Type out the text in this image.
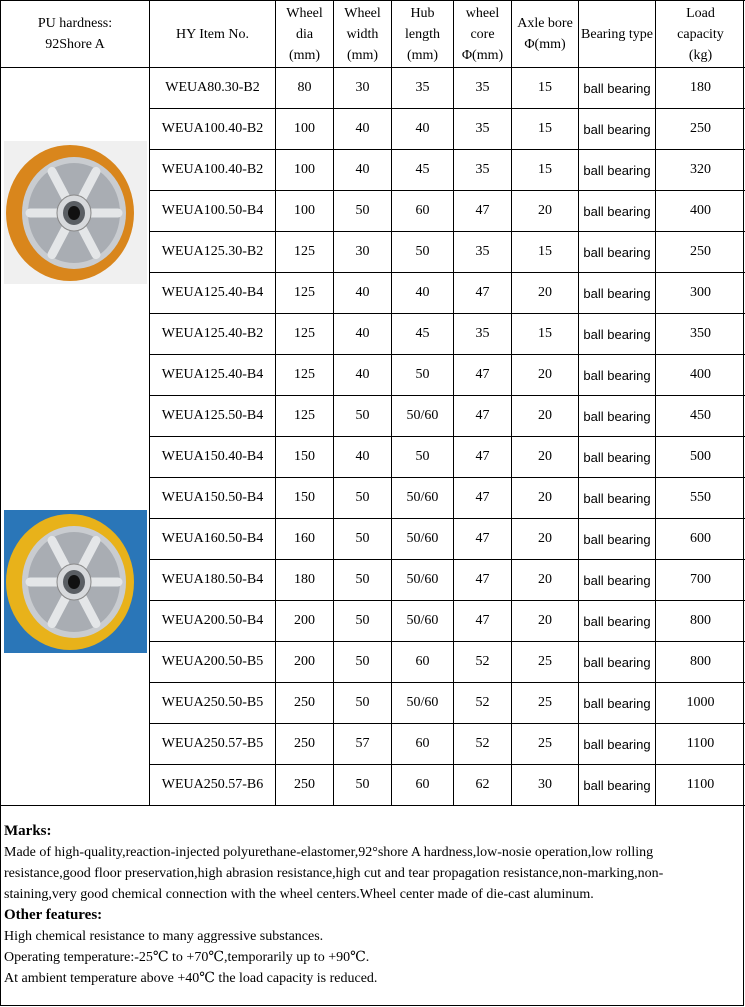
PU hardness:
92Shore A	HY Item No.	Wheel
dia
(mm)	Wheel
width
(mm)	Hub
length
(mm)	wheel
core
Φ(mm)	Axle bore
Φ(mm)	Bearing type	Load
capacity
(kg)

	WEUA80.30-B2	80	30	35	35	15	ball bearing	180
	WEUA100.40-B2	100	40	40	35	15	ball bearing	250
	WEUA100.40-B2	100	40	45	35	15	ball bearing	320
	WEUA100.50-B4	100	50	60	47	20	ball bearing	400
	WEUA125.30-B2	125	30	50	35	15	ball bearing	250
	WEUA125.40-B4	125	40	40	47	20	ball bearing	300
	WEUA125.40-B2	125	40	45	35	15	ball bearing	350
	WEUA125.40-B4	125	40	50	47	20	ball bearing	400
	WEUA125.50-B4	125	50	50/60	47	20	ball bearing	450
	WEUA150.40-B4	150	40	50	47	20	ball bearing	500
	WEUA150.50-B4	150	50	50/60	47	20	ball bearing	550
	WEUA160.50-B4	160	50	50/60	47	20	ball bearing	600
	WEUA180.50-B4	180	50	50/60	47	20	ball bearing	700
	WEUA200.50-B4	200	50	50/60	47	20	ball bearing	800
	WEUA200.50-B5	200	50	60	52	25	ball bearing	800
	WEUA250.50-B5	250	50	50/60	52	25	ball bearing	1000
	WEUA250.57-B5	250	57	60	52	25	ball bearing	1100
	WEUA250.57-B6	250	50	60	62	30	ball bearing	1100

Marks:

Made of high-quality,reaction-injected polyurethane-elastomer,92°shore A hardness,low-nosie operation,low rolling

resistance,good floor preservation,high abrasion resistance,high cut and tear propagation resistance,non-marking,non-

staining,very good chemical connection with the wheel centers.Wheel center made of die-cast aluminum.

Other features:

High chemical resistance to many aggressive substances.

Operating temperature:-25℃ to +70℃,temporarily up to +90℃.

At ambient temperature above +40℃ the load capacity is reduced.
